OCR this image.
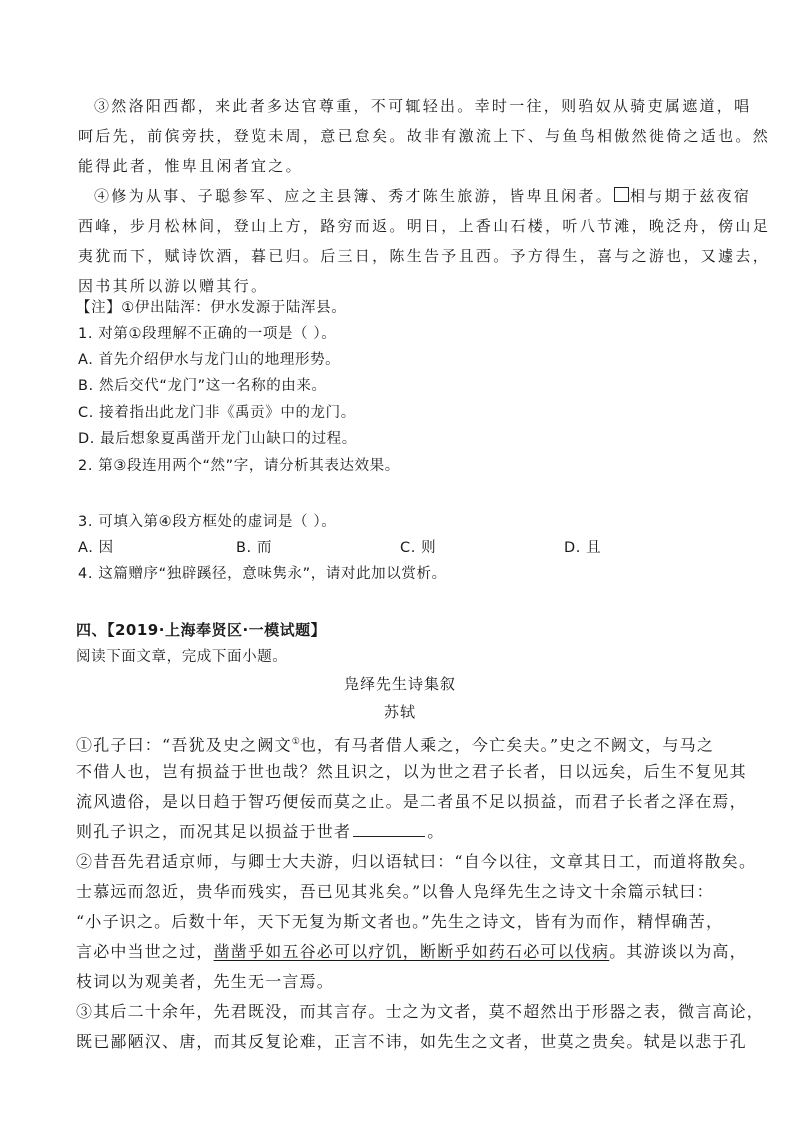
③然洛阳西都，来此者多达官尊重，不可辄轻出。幸时一往，则驺奴从骑吏属遮道，唱
呵后先，前傧旁扶，登览未周，意已怠矣。故非有激流上下、与鱼鸟相傲然徙倚之适也。然
能得此者，惟卑且闲者宜之。
④修为从事、子聪参军、应之主县簿、秀才陈生旅游，皆卑且闲者。 相与期于兹夜宿
西峰，步月松林间，登山上方，路穷而返。明日，上香山石楼，听八节滩，晚泛舟，傍山足
夷犹而下，赋诗饮酒，暮已归。后三日，陈生告予且西。予方得生，喜与之游也，又遽去，
因书其所以游以赠其行。
【注】①伊出陆浑：伊水发源于陆浑县。
1. 对第①段理解不正确的一项是（ ）。
A. 首先介绍伊水与龙门山的地理形势。
B. 然后交代“龙门”这一名称的由来。
C. 接着指出此龙门非《禹贡》中的龙门。
D. 最后想象夏禹凿开龙门山缺口的过程。
2. 第③段连用两个“然”字，请分析其表达效果。
3. 可填入第④段方框处的虚词是（ ）。
A. 因	B. 而	C. 则	D. 且
4. 这篇赠序“独辟蹊径，意味隽永”，请对此加以赏析。
四、【2019·上海奉贤区·一模试题】
阅读下面文章，完成下面小题。
凫绎先生诗集叙
苏轼
①孔子曰：“吾犹及史之阙文①也，有马者借人乘之，今亡矣夫。”史之不阙文，与马之
不借人也，岂有损益于世也哉？然且识之，以为世之君子长者，日以远矣，后生不复见其
流风遗俗，是以日趋于智巧便佞而莫之止。是二者虽不足以损益，而君子长者之泽在焉，
则孔子识之，而况其足以损益于世者	。
②昔吾先君适京师，与卿士大夫游，归以语轼曰：“自今以往，文章其日工，而道将散矣。
士慕远而忽近，贵华而残实，吾已见其兆矣。”以鲁人凫绎先生之诗文十余篇示轼曰：
“小子识之。后数十年，天下无复为斯文者也。”先生之诗文，皆有为而作，精悍确苦，
言必中当世之过，凿凿乎如五谷必可以疗饥，断断乎如药石必可以伐病。其游谈以为高，
枝词以为观美者，先生无一言焉。
③其后二十余年，先君既没，而其言存。士之为文者，莫不超然出于形器之表，微言高论，
既已鄙陋汉、唐，而其反复论难，正言不讳，如先生之文者，世莫之贵矣。轼是以悲于孔
